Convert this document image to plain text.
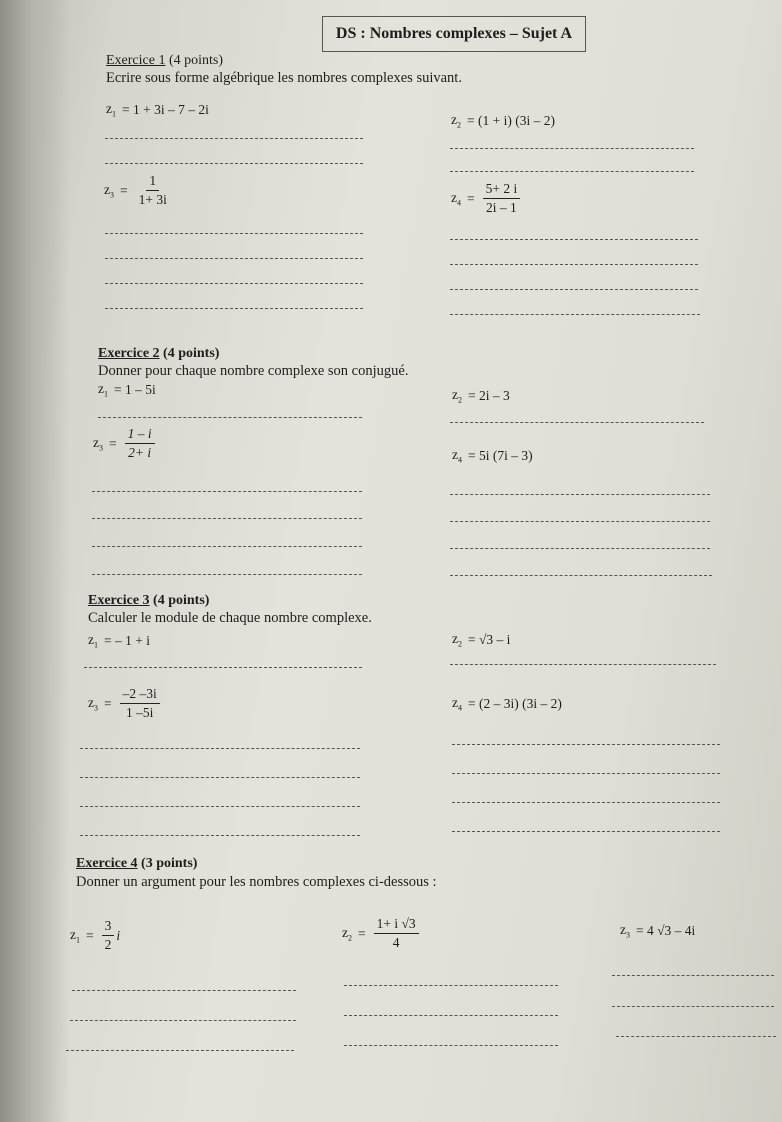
DS : Nombres complexes – Sujet A
Exercice 1 (4 points)
Ecrire sous forme algébrique les nombres complexes suivant.
$z_1 = 1 + 3i - 7 - 2i$
$z_2 = (1 + i)$ (3i – 2)
$z_3 = \frac{1}{1+ 3i}$	$z_4 = \frac{5+ 2 i}{2i - 1}$
Exercice 2 (4 points)
Donner pour chaque nombre complexe son conjugué.
$z_1 = 1 - 5i$	$z_2 = 2i - 3$
$z_3 = \frac{1 - i}{2+ i}$	$z_4 = 5i$ (7i – 3)
Exercice 3 (4 points)
Calculer le module de chaque nombre complexe.
$z_1$ = – 1 + i	$z_2 = √3 - i$
$z_3 = \frac{-2 -3i}{1 -5i}$	$z_4 = (2 - 3i)$ (3i – 2)
Exercice 4 (3 points)
Donner un argument pour les nombres complexes ci-dessous :
$z_1 = \frac{3}{2}$ i	$z_2 = \frac{1+ i √3}{4}$	$z_3 = 4$ √3 – 4i
